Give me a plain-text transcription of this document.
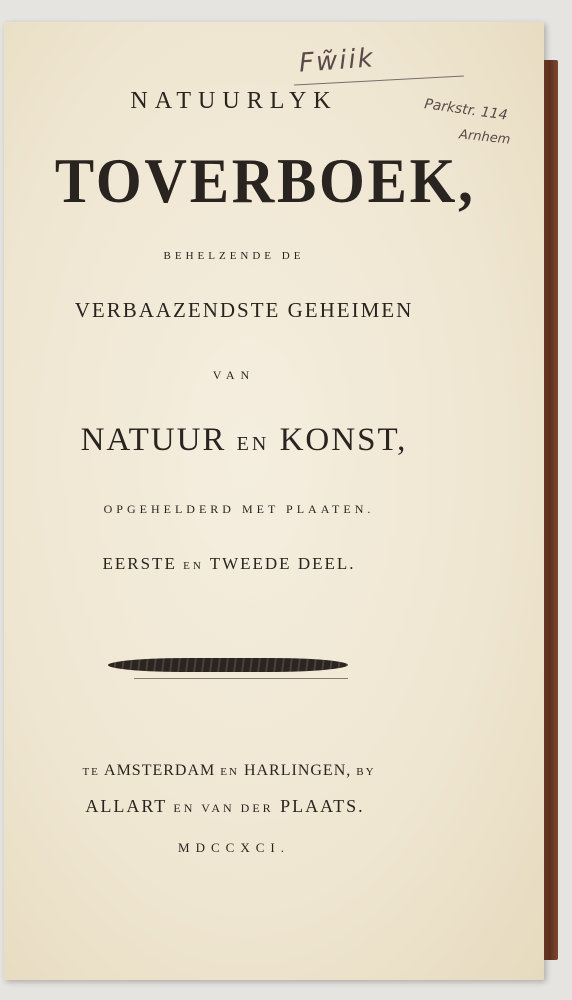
Fw̃iik
Parkstr. 114
Arnhem
NATUURLYK
TOVERBOEK,
BEHELZENDE DE
VERBAAZENDSTE GEHEIMEN
VAN
NATUUR EN KONST,
OPGEHELDERD MET PLAATEN.
EERSTE EN TWEEDE DEEL.
TE AMSTERDAM EN HARLINGEN, BY
ALLART EN VAN DER PLAATS.
MDCCXCI.
